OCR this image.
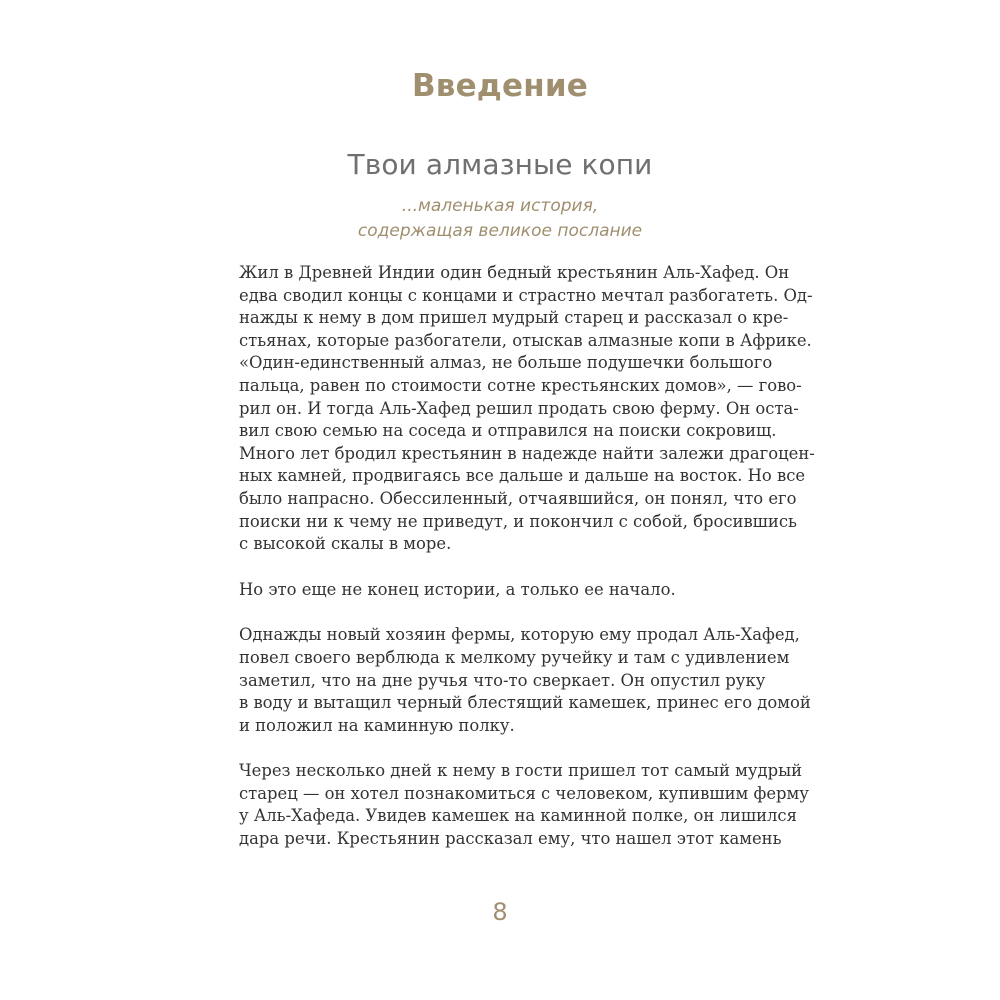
Введение
Твои алмазные копи
...маленькая история,
содержащая великое послание

Жил в Древней Индии один бедный крестьянин Аль-Хафед. Он
едва сводил концы с концами и страстно мечтал разбогатеть. Од-
нажды к нему в дом пришел мудрый старец и рассказал о кре-
стьянах, которые разбогатели, отыскав алмазные копи в Африке.
«Один-единственный алмаз, не больше подушечки большого
пальца, равен по стоимости сотне крестьянских домов», — гово-
рил он. И тогда Аль-Хафед решил продать свою ферму. Он оста-
вил свою семью на соседа и отправился на поиски сокровищ.
Много лет бродил крестьянин в надежде найти залежи драгоцен-
ных камней, продвигаясь все дальше и дальше на восток. Но все
было напрасно. Обессиленный, отчаявшийся, он понял, что его
поиски ни к чему не приведут, и покончил с собой, бросившись
с высокой скалы в море.

Но это еще не конец истории, а только ее начало.

Однажды новый хозяин фермы, которую ему продал Аль-Хафед,
повел своего верблюда к мелкому ручейку и там с удивлением
заметил, что на дне ручья что-то сверкает. Он опустил руку
в воду и вытащил черный блестящий камешек, принес его домой
и положил на каминную полку.

Через несколько дней к нему в гости пришел тот самый мудрый
старец — он хотел познакомиться с человеком, купившим ферму
у Аль-Хафеда. Увидев камешек на каминной полке, он лишился
дара речи. Крестьянин рассказал ему, что нашел этот камень

8
